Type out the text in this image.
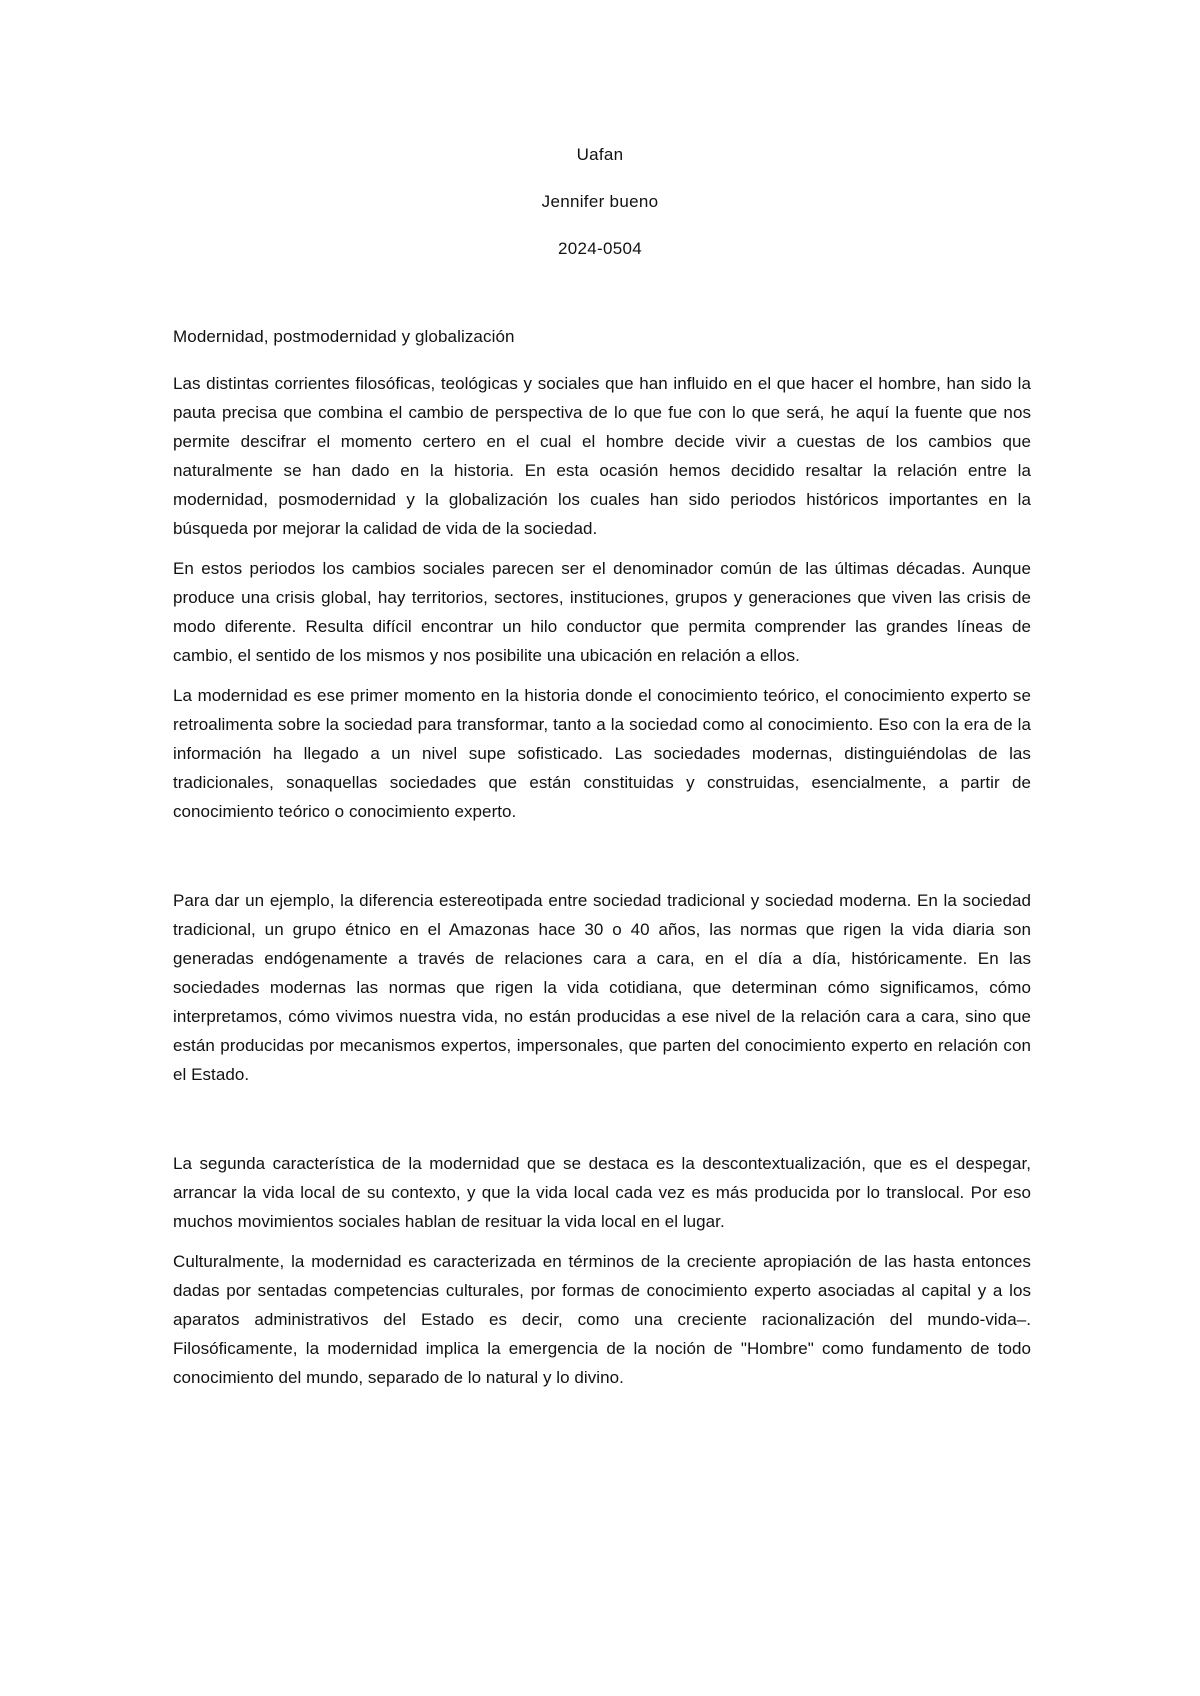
Uafan
Jennifer bueno
2024-0504
Modernidad, postmodernidad y globalización

Las distintas corrientes filosóficas, teológicas y sociales que han influido en el que hacer el hombre, han sido la pauta precisa que combina el cambio de perspectiva de lo que fue con lo que será, he aquí la fuente que nos permite descifrar el momento certero en el cual el hombre decide vivir a cuestas de los cambios que naturalmente se han dado en la historia. En esta ocasión hemos decidido resaltar la relación entre la modernidad, posmodernidad y la globalización los cuales han sido periodos históricos importantes en la búsqueda por mejorar la calidad de vida de la sociedad.

En estos periodos los cambios sociales parecen ser el denominador común de las últimas décadas. Aunque produce una crisis global, hay territorios, sectores, instituciones, grupos y generaciones que viven las crisis de modo diferente. Resulta difícil encontrar un hilo conductor que permita comprender las grandes líneas de cambio, el sentido de los mismos y nos posibilite una ubicación en relación a ellos.

La modernidad es ese primer momento en la historia donde el conocimiento teórico, el conocimiento experto se retroalimenta sobre la sociedad para transformar, tanto a la sociedad como al conocimiento. Eso con la era de la información ha llegado a un nivel supe sofisticado. Las sociedades modernas, distinguiéndolas de las tradicionales, sonaquellas sociedades que están constituidas y construidas, esencialmente, a partir de conocimiento teórico o conocimiento experto.

Para dar un ejemplo, la diferencia estereotipada entre sociedad tradicional y sociedad moderna. En la sociedad tradicional, un grupo étnico en el Amazonas hace 30 o 40 años, las normas que rigen la vida diaria son generadas endógenamente a través de relaciones cara a cara, en el día a día, históricamente. En las sociedades modernas las normas que rigen la vida cotidiana, que determinan cómo significamos, cómo interpretamos, cómo vivimos nuestra vida, no están producidas a ese nivel de la relación cara a cara, sino que están producidas por mecanismos expertos, impersonales, que parten del conocimiento experto en relación con el Estado.

La segunda característica de la modernidad que se destaca es la descontextualización, que es el despegar, arrancar la vida local de su contexto, y que la vida local cada vez es más producida por lo translocal. Por eso muchos movimientos sociales hablan de resituar la vida local en el lugar.

Culturalmente, la modernidad es caracterizada en términos de la creciente apropiación de las hasta entonces dadas por sentadas competencias culturales, por formas de conocimiento experto asociadas al capital y a los aparatos administrativos del Estado es decir, como una creciente racionalización del mundo-vida–. Filosóficamente, la modernidad implica la emergencia de la noción de "Hombre" como fundamento de todo conocimiento del mundo, separado de lo natural y lo divino.
